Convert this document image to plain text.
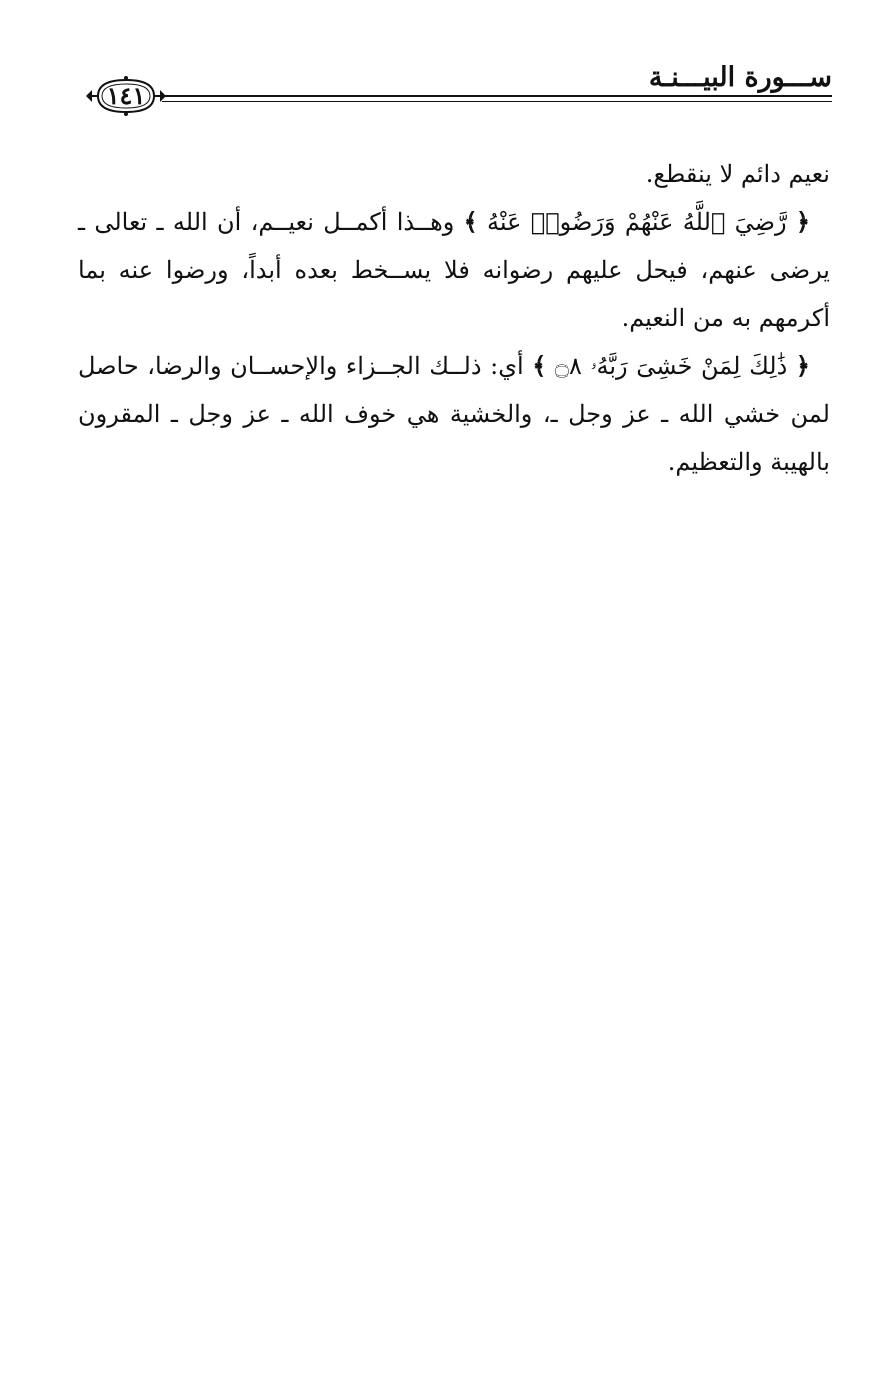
ســـورة البيـــنـة
١٤١

نعيم دائم لا ينقطع.

﴿ رَّضِيَ ٱللَّهُ عَنْهُمْ وَرَضُوا۟ عَنْهُ ﴾ وهــذا أكمــل نعيــم، أن الله ـ تعالى ـ يرضى عنهم، فيحل عليهم رضوانه فلا يســخط بعده أبداً، ورضوا عنه بما أكرمهم به من النعيم.

﴿ ذَٰلِكَ لِمَنْ خَشِىَ رَبَّهُۥ ۝٨ ﴾ أي: ذلــك الجــزاء والإحســان والرضا، حاصل لمن خشي الله ـ عز وجل ـ، والخشية هي خوف الله ـ عز وجل ـ المقرون بالهيبة والتعظيم.
